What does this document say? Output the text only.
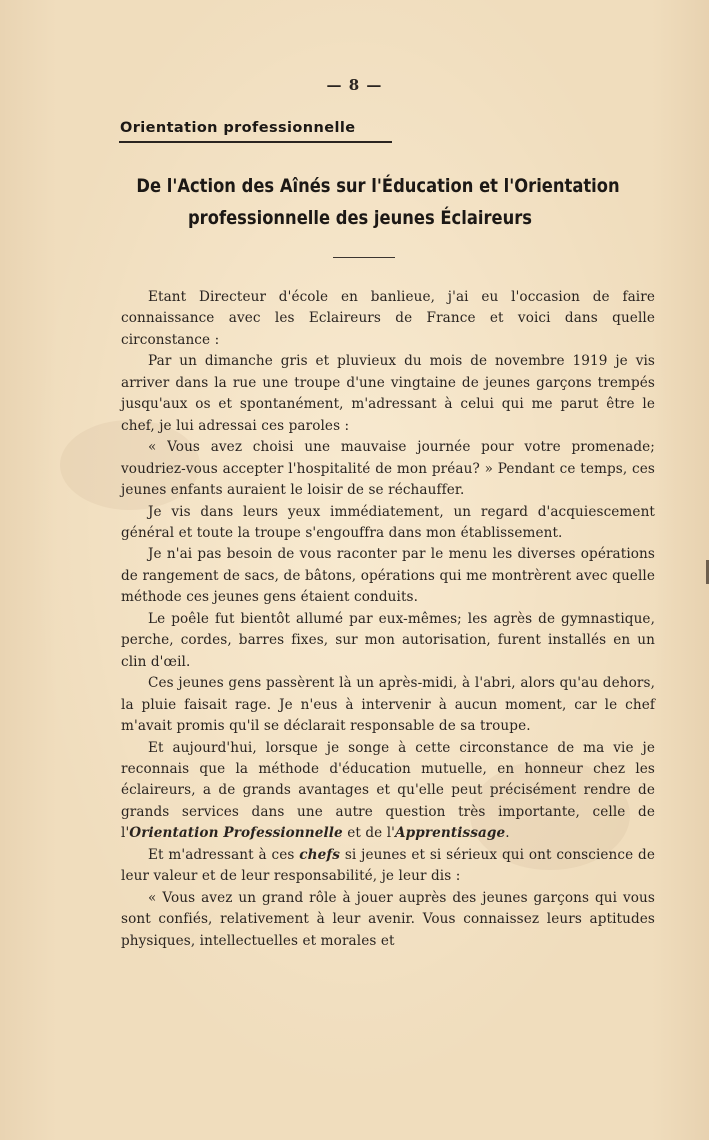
— 8 —
Orientation professionnelle
De l'Action des Aînés sur l'Éducation et l'Orientation
professionnelle des jeunes Éclaireurs

Etant Directeur d'école en banlieue, j'ai eu l'occasion de faire connaissance avec les Eclaireurs de France et voici dans quelle circonstance :

Par un dimanche gris et pluvieux du mois de novembre 1919 je vis arriver dans la rue une troupe d'une vingtaine de jeunes garçons trempés jusqu'aux os et spontanément, m'adressant à celui qui me parut être le chef, je lui adressai ces paroles :

« Vous avez choisi une mauvaise journée pour votre promenade; voudriez-vous accepter l'hospitalité de mon préau? » Pendant ce temps, ces jeunes enfants auraient le loisir de se réchauffer.

Je vis dans leurs yeux immédiatement, un regard d'acquiescement général et toute la troupe s'engouffra dans mon établissement.

Je n'ai pas besoin de vous raconter par le menu les diverses opérations de rangement de sacs, de bâtons, opérations qui me montrèrent avec quelle méthode ces jeunes gens étaient conduits.

Le poêle fut bientôt allumé par eux-mêmes; les agrès de gymnastique, perche, cordes, barres fixes, sur mon autorisation, furent installés en un clin d'œil.

Ces jeunes gens passèrent là un après-midi, à l'abri, alors qu'au dehors, la pluie faisait rage. Je n'eus à intervenir à aucun moment, car le chef m'avait promis qu'il se déclarait responsable de sa troupe.

Et aujourd'hui, lorsque je songe à cette circonstance de ma vie je reconnais que la méthode d'éducation mutuelle, en honneur chez les éclaireurs, a de grands avantages et qu'elle peut précisément rendre de grands services dans une autre question très importante, celle de l'Orientation Professionnelle et de l'Apprentissage.

Et m'adressant à ces chefs si jeunes et si sérieux qui ont conscience de leur valeur et de leur responsabilité, je leur dis :

« Vous avez un grand rôle à jouer auprès des jeunes garçons qui vous sont confiés, relativement à leur avenir. Vous connaissez leurs aptitudes physiques, intellectuelles et morales et
